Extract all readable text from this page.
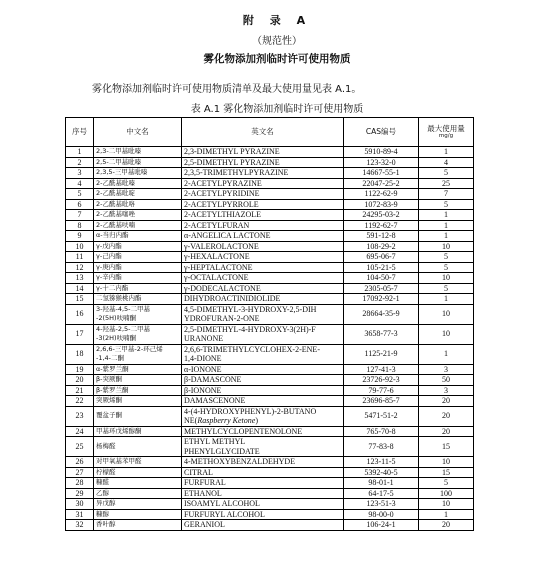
附 录 A
（规范性）
雾化物添加剂临时许可使用物质
雾化物添加剂临时许可使用物质清单及最大使用量见表 A.1。
表 A.1 雾化物添加剂临时许可使用物质
序号	中文名	英文名	CAS编号	最大使用量
mg/g

1	2,3-二甲基吡嗪	2,3-DIMETHYL PYRAZINE	5910-89-4	1
2	2,5-二甲基吡嗪	2,5-DIMETHYL PYRAZINE	123-32-0	4
3	2,3,5-三甲基吡嗪	2,3,5-TRIMETHYLPYRAZINE	14667-55-1	5
4	2-乙酰基吡嗪	2-ACETYLPYRAZINE	22047-25-2	25
5	2-乙酰基吡啶	2-ACETYLPYRIDINE	1122-62-9	7
6	2-乙酰基吡咯	2-ACETYLPYRROLE	1072-83-9	5
7	2-乙酰基噻唑	2-ACETYLTHIAZOLE	24295-03-2	1
8	2-乙酰基呋喃	2-ACETYLFURAN	1192-62-7	1
9	α-当归内酯	α-ANGELICA LACTONE	591-12-8	1
10	γ-戊内酯	γ-VALEROLACTONE	108-29-2	10
11	γ-己内酯	γ-HEXALACTONE	695-06-7	5
12	γ-庚内酯	γ-HEPTALACTONE	105-21-5	5
13	γ-辛内酯	γ-OCTALACTONE	104-50-7	10
14	γ-十二内酯	γ-DODECALACTONE	2305-05-7	5
15	二氢猕猴桃内酯	DIHYDROACTINIDIOLIDE	17092-92-1	1
16	3-羟基-4,5-二甲基
-2(5H)呋喃酮	4,5-DIMETHYL-3-HYDROXY-2,5-DIH
YDROFURAN-2-ONE	28664-35-9	10
17	4-羟基-2,5-二甲基
-3(2H)呋喃酮	2,5-DIMETHYL-4-HYDROXY-3(2H)-F
URANONE	3658-77-3	10
18	2,6,6-三甲基-2-环己烯
-1,4-二酮	2,6,6-TRIMETHYLCYCLOHEX-2-ENE-
1,4-DIONE	1125-21-9	1
19	α-紫罗兰酮	α-IONONE	127-41-3	3
20	β-突厥酮	β-DAMASCONE	23726-92-3	50
21	β-紫罗兰酮	β-IONONE	79-77-6	3
22	突厥烯酮	DAMASCENONE	23696-85-7	20
23	覆盆子酮	4-(4-HYDROXYPHENYL)-2-BUTANO
NE(Raspberry Ketone)	5471-51-2	20
24	甲基环戊烯醇酮	METHYLCYCLOPENTENOLONE	765-70-8	20
25	杨梅醛	ETHYL METHYL
PHENYLGLYCIDATE	77-83-8	15
26	对甲氧基苯甲醛	4-METHOXYBENZALDEHYDE	123-11-5	10
27	柠檬醛	CITRAL	5392-40-5	15
28	糠醛	FURFURAL	98-01-1	5
29	乙醇	ETHANOL	64-17-5	100
30	异戊醇	ISOAMYL ALCOHOL	123-51-3	10
31	糠醇	FURFURYL ALCOHOL	98-00-0	1
32	香叶醇	GERANIOL	106-24-1	20
